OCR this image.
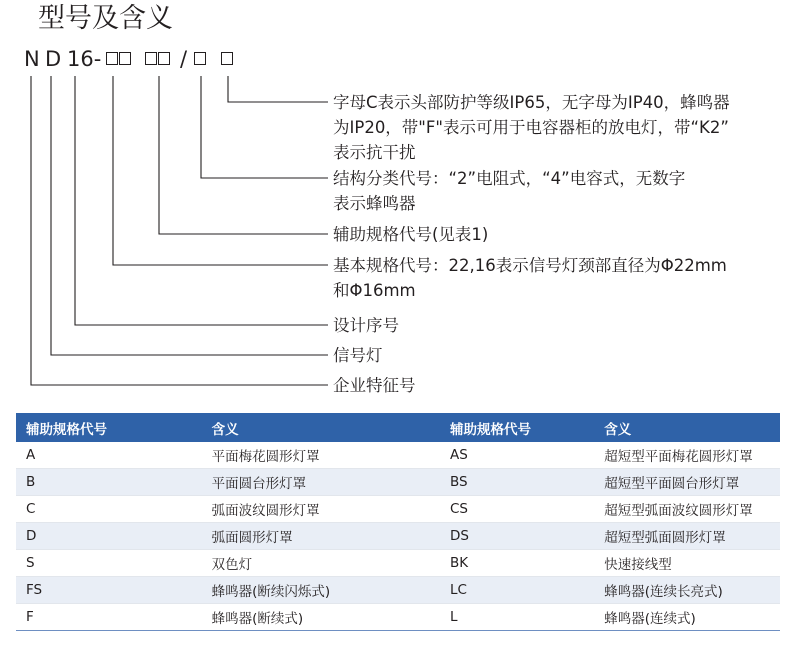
型号及含义
N D 16-	/
字母C表示头部防护等级IP65，无字母为IP40，蜂鸣器
为IP20，带"F"表示可用于电容器柜的放电灯，带“K2”
表示抗干扰
结构分类代号：“2”电阻式，“4”电容式，无数字
表示蜂鸣器
辅助规格代号(见表1)
基本规格代号：22,16表示信号灯颈部直径为Φ22mm
和Φ16mm
设计序号
信号灯
企业特征号
辅助规格代号	含义	辅助规格代号	含义
A	平面梅花圆形灯罩	AS	超短型平面梅花圆形灯罩
B	平面圆台形灯罩	BS	超短型平面圆台形灯罩
C	弧面波纹圆形灯罩	CS	超短型弧面波纹圆形灯罩
D	弧面圆形灯罩	DS	超短型弧面圆形灯罩
S	双色灯	BK	快速接线型
FS	蜂鸣器(断续闪烁式)	LC	蜂鸣器(连续长亮式)
F	蜂鸣器(断续式)	L	蜂鸣器(连续式)
